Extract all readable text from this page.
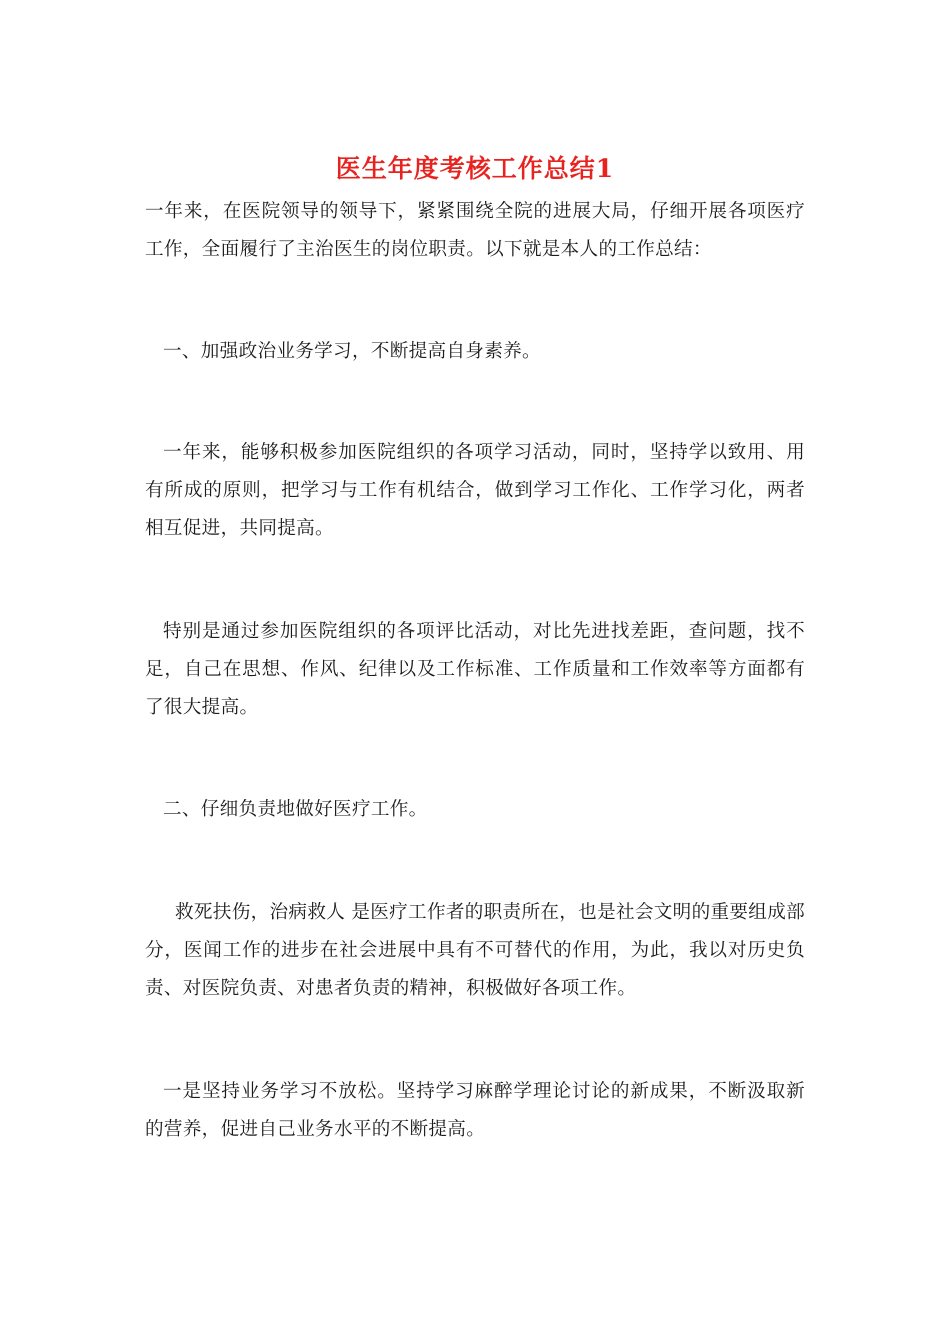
医生年度考核工作总结1
一年来，在医院领导的领导下，紧紧围绕全院的进展大局，仔细开展各项医疗工作，全面履行了主治医生的岗位职责。以下就是本人的工作总结：
一、加强政治业务学习，不断提高自身素养。
一年来，能够积极参加医院组织的各项学习活动，同时，坚持学以致用、用有所成的原则，把学习与工作有机结合，做到学习工作化、工作学习化，两者相互促进，共同提高。
特别是通过参加医院组织的各项评比活动，对比先进找差距，查问题，找不足，自己在思想、作风、纪律以及工作标准、工作质量和工作效率等方面都有了很大提高。
二、仔细负责地做好医疗工作。
救死扶伤，治病救人 是医疗工作者的职责所在，也是社会文明的重要组成部分，医闻工作的进步在社会进展中具有不可替代的作用，为此，我以对历史负责、对医院负责、对患者负责的精神，积极做好各项工作。
一是坚持业务学习不放松。坚持学习麻醉学理论讨论的新成果，不断汲取新的营养，促进自己业务水平的不断提高。
